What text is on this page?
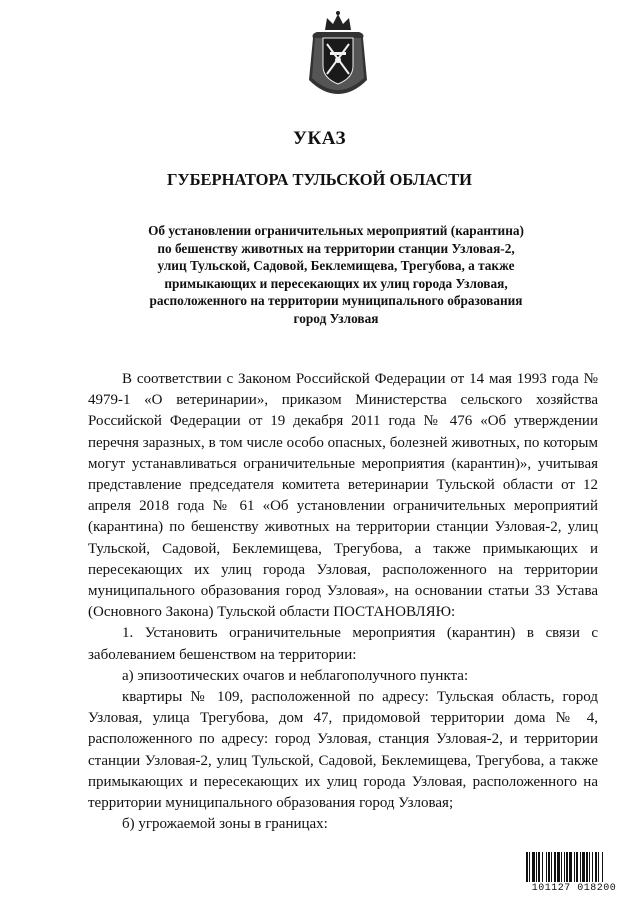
УКАЗ
ГУБЕРНАТОРА ТУЛЬСКОЙ ОБЛАСТИ
Об установлении ограничительных мероприятий (карантина)
по бешенству животных на территории станции Узловая-2,
улиц Тульской, Садовой, Беклемищева, Трегубова, а также
примыкающих и пересекающих их улиц города Узловая,
расположенного на территории муниципального образования
город Узловая

В соответствии с Законом Российской Федерации от 14 мая 1993 года № 4979-1 «О ветеринарии», приказом Министерства сельского хозяйства Российской Федерации от 19 декабря 2011 года № 476 «Об утверждении перечня заразных, в том числе особо опасных, болезней животных, по которым могут устанавливаться ограничительные мероприятия (карантин)», учитывая представление председателя комитета ветеринарии Тульской области от 12 апреля 2018 года № 61 «Об установлении ограничительных мероприятий (карантина) по бешенству животных на территории станции Узловая-2, улиц Тульской, Садовой, Беклемищева, Трегубова, а также примыкающих и пересекающих их улиц города Узловая, расположенного на территории муниципального образования город Узловая», на основании статьи 33 Устава (Основного Закона) Тульской области ПОСТАНОВЛЯЮ:

1. Установить ограничительные мероприятия (карантин) в связи с заболеванием бешенством на территории:

а) эпизоотических очагов и неблагополучного пункта:

квартиры № 109, расположенной по адресу: Тульская область, город Узловая, улица Трегубова, дом 47, придомовой территории дома № 4, расположенного по адресу: город Узловая, станция Узловая-2, и территории станции Узловая-2, улиц Тульской, Садовой, Беклемищева, Трегубова, а также примыкающих и пересекающих их улиц города Узловая, расположенного на территории муниципального образования город Узловая;

б) угрожаемой зоны в границах:

101127 018200
